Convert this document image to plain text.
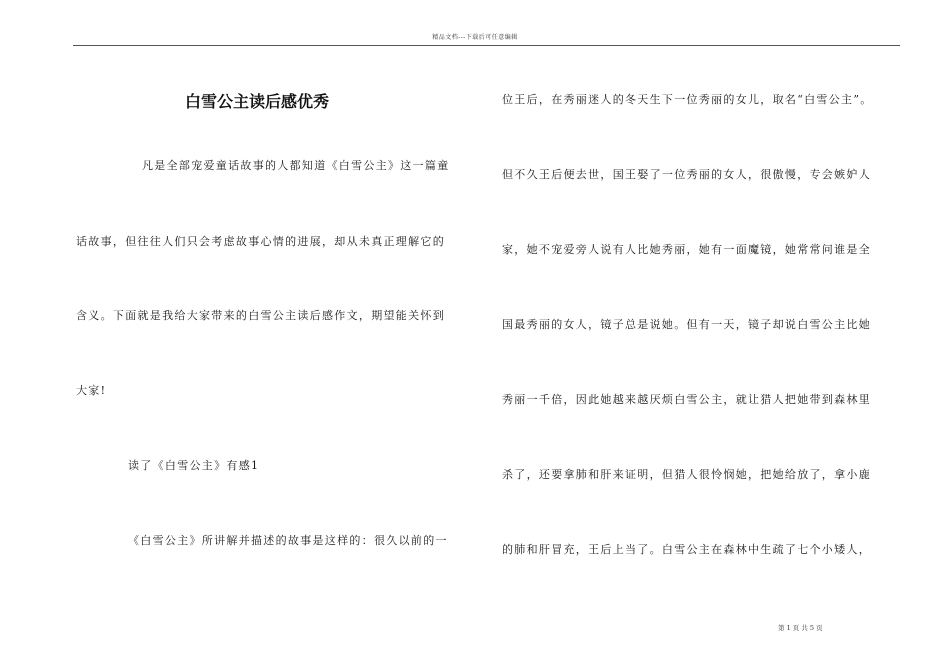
精品文档---下载后可任意编辑
白雪公主读后感优秀
凡是全部宠爱童话故事的人都知道《白雪公主》这一篇童
话故事，但往往人们只会考虑故事心情的进展，却从未真正理解它的
含义。下面就是我给大家带来的白雪公主读后感作文，期望能关怀到
大家!
读了《白雪公主》有感1
《白雪公主》所讲解并描述的故事是这样的：很久以前的一
位王后，在秀丽迷人的冬天生下一位秀丽的女儿，取名“白雪公主”。
但不久王后便去世，国王娶了一位秀丽的女人，很傲慢，专会嫉妒人
家，她不宠爱旁人说有人比她秀丽，她有一面魔镜，她常常问谁是全
国最秀丽的女人，镜子总是说她。但有一天，镜子却说白雪公主比她
秀丽一千倍，因此她越来越厌烦白雪公主，就让猎人把她带到森林里
杀了，还要拿肺和肝来证明，但猎人很怜悯她，把她给放了，拿小鹿
的肺和肝冒充，王后上当了。白雪公主在森林中生疏了七个小矮人，
第 1 页 共 5 页
